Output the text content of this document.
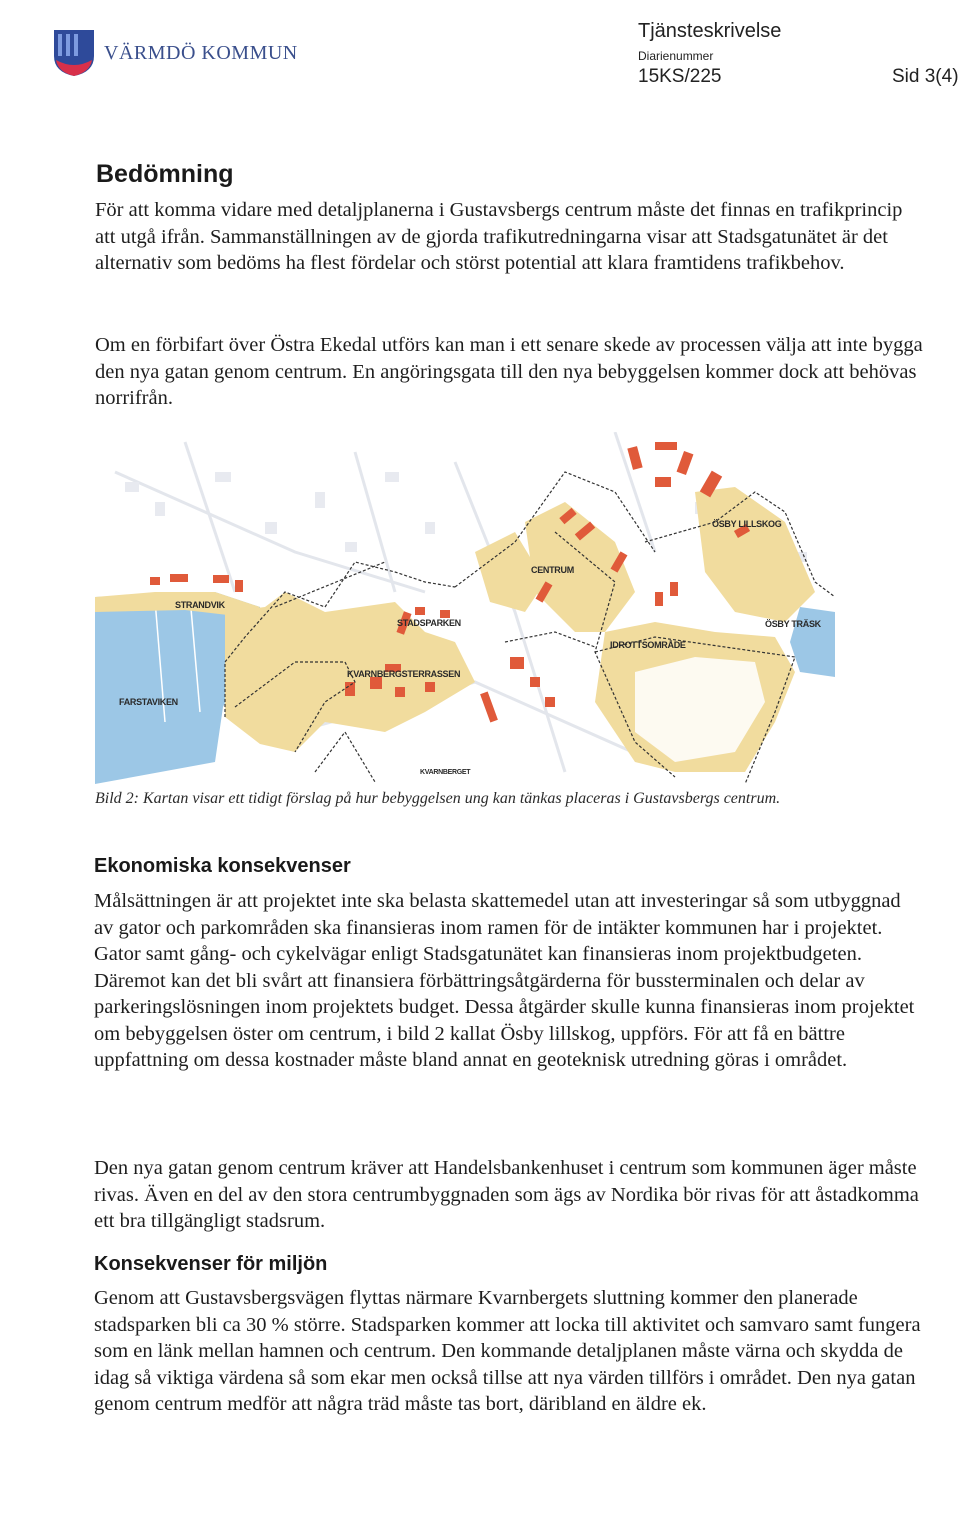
VÄRMDÖ KOMMUN
Tjänsteskrivelse
Diarienummer
15KS/225	Sid 3(4)
Bedömning

För att komma vidare med detaljplanerna i Gustavsbergs centrum måste det finnas en trafikprincip att utgå ifrån. Sammanställningen av de gjorda trafikutredningarna visar att Stadsgatunätet är det alternativ som bedöms ha flest fördelar och störst potential att klara framtidens trafikbehov.

Om en förbifart över Östra Ekedal utförs kan man i ett senare skede av processen välja att inte bygga den nya gatan genom centrum. En angöringsgata till den nya bebyggelsen kommer dock att behövas norrifrån.

ÖSBY LILLSKOG
CENTRUM
STRANDVIK
STADSPARKEN	ÖSBY TRÄSK
IDROTTSOMRÅDE
KVARNBERGSTERRASSEN
FARSTAVIKEN
KVARNBERGET

Bild 2: Kartan visar ett tidigt förslag på hur bebyggelsen ung kan tänkas placeras i Gustavsbergs centrum.

Ekonomiska konsekvenser

Målsättningen är att projektet inte ska belasta skattemedel utan att investeringar så som utbyggnad av gator och parkområden ska finansieras inom ramen för de intäkter kommunen har i projektet. Gator samt gång- och cykelvägar enligt Stadsgatunätet kan finansieras inom projektbudgeten. Däremot kan det bli svårt att finansiera förbättringsåtgärderna för bussterminalen och delar av parkeringslösningen inom projektets budget. Dessa åtgärder skulle kunna finansieras inom projektet om bebyggelsen öster om centrum, i bild 2 kallat Ösby lillskog, uppförs. För att få en bättre uppfattning om dessa kostnader måste bland annat en geoteknisk utredning göras i området.

Den nya gatan genom centrum kräver att Handelsbankenhuset i centrum som kommunen äger måste rivas. Även en del av den stora centrumbyggnaden som ägs av Nordika bör rivas för att åstadkomma ett bra tillgängligt stadsrum.

Konsekvenser för miljön

Genom att Gustavsbergsvägen flyttas närmare Kvarnbergets sluttning kommer den planerade stadsparken bli ca 30 % större. Stadsparken kommer att locka till aktivitet och samvaro samt fungera som en länk mellan hamnen och centrum. Den kommande detaljplanen måste värna och skydda de idag så viktiga värdena så som ekar men också tillse att nya värden tillförs i området. Den nya gatan genom centrum medför att några träd måste tas bort, däribland en äldre ek.
